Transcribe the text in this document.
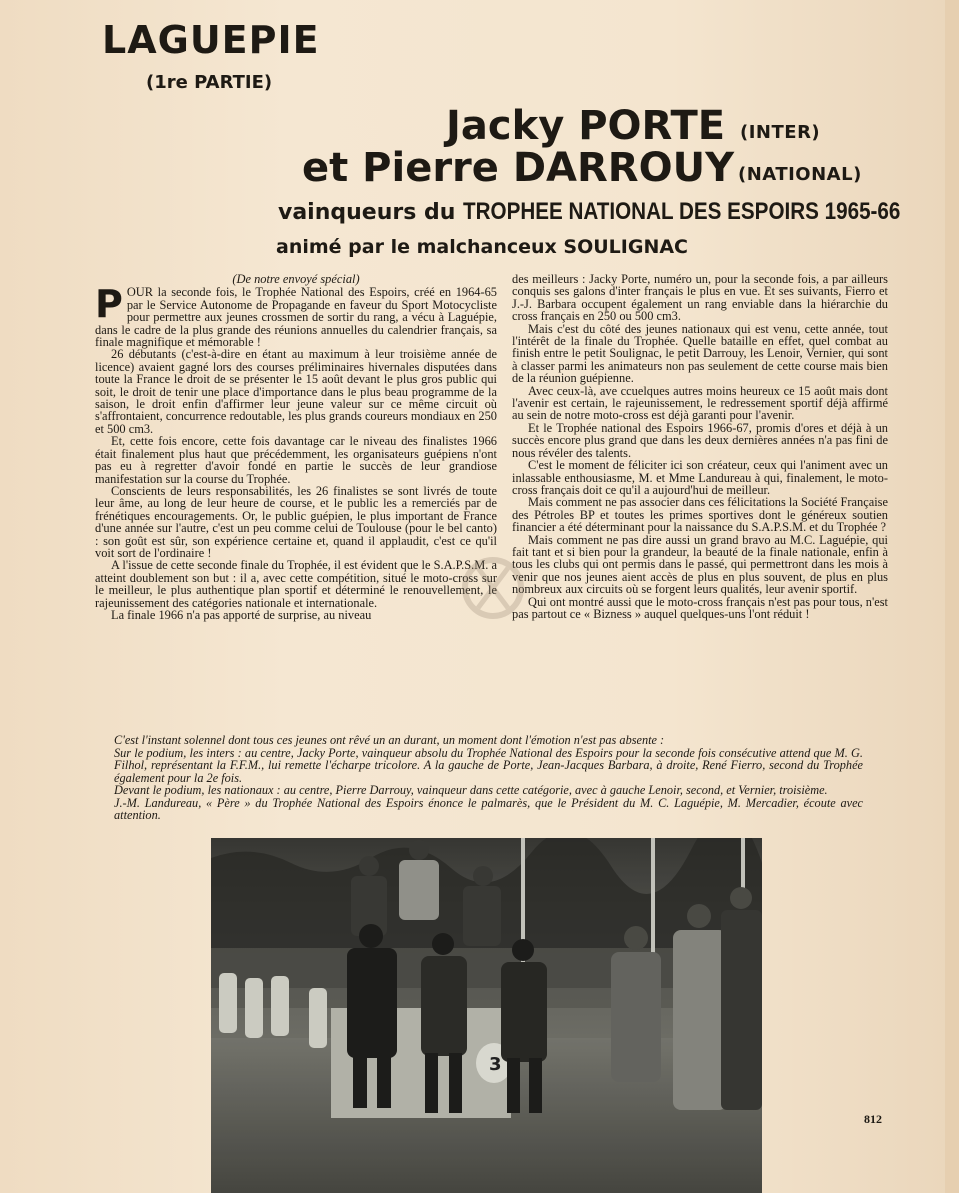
LAGUEPIE
(1re PARTIE)
Jacky PORTE (INTER)
et Pierre DARROUY (NATIONAL)
vainqueurs du TROPHEE NATIONAL DES ESPOIRS 1965-66
animé par le malchanceux SOULIGNAC

(De notre envoyé spécial)

POUR la seconde fois, le Trophée National des Espoirs, créé en 1964-65 par le Service Autonome de Propagande en faveur du Sport Motocycliste pour permettre aux jeunes crossmen de sortir du rang, a vécu à Laguépie, dans le cadre de la plus grande des réunions annuelles du calendrier français, sa finale magnifique et mémorable !

26 débutants (c'est-à-dire en étant au maximum à leur troisième année de licence) avaient gagné lors des courses préliminaires hivernales disputées dans toute la France le droit de se présenter le 15 août devant le plus gros public qui soit, le droit de tenir une place d'importance dans le plus beau programme de la saison, le droit enfin d'affirmer leur jeune valeur sur ce même circuit où s'affrontaient, concurrence redoutable, les plus grands coureurs mondiaux en 250 et 500 cm3.

Et, cette fois encore, cette fois davantage car le niveau des finalistes 1966 était finalement plus haut que précédemment, les organisateurs guépiens n'ont pas eu à regretter d'avoir fondé en partie le succès de leur grandiose manifestation sur la course du Trophée.

Conscients de leurs responsabilités, les 26 finalistes se sont livrés de toute leur âme, au long de leur heure de course, et le public les a remerciés par de frénétiques encouragements. Or, le public guépien, le plus important de France d'une année sur l'autre, c'est un peu comme celui de Toulouse (pour le bel canto) : son goût est sûr, son expérience certaine et, quand il applaudit, c'est ce qu'il voit sort de l'ordinaire !

A l'issue de cette seconde finale du Trophée, il est évident que le S.A.P.S.M. a atteint doublement son but : il a, avec cette compétition, situé le moto-cross sur le meilleur, le plus authentique plan sportif et déterminé le renouvellement, le rajeunissement des catégories nationale et internationale.

La finale 1966 n'a pas apporté de surprise, au niveau

des meilleurs : Jacky Porte, numéro un, pour la seconde fois, a par ailleurs conquis ses galons d'inter français le plus en vue. Et ses suivants, Fierro et J.-J. Barbara occupent également un rang enviable dans la hiérarchie du cross français en 250 ou 500 cm3.

Mais c'est du côté des jeunes nationaux qui est venu, cette année, tout l'intérêt de la finale du Trophée. Quelle bataille en effet, quel combat au finish entre le petit Soulignac, le petit Darrouy, les Lenoir, Vernier, qui sont à classer parmi les animateurs non pas seulement de cette course mais bien de la réunion guépienne.

Avec ceux-là, ave ccuelques autres moins heureux ce 15 août mais dont l'avenir est certain, le rajeunissement, le redressement sportif déjà affirmé au sein de notre moto-cross est déjà garanti pour l'avenir.

Et le Trophée national des Espoirs 1966-67, promis d'ores et déjà à un succès encore plus grand que dans les deux dernières années n'a pas fini de nous révéler des talents.

C'est le moment de féliciter ici son créateur, ceux qui l'animent avec un inlassable enthousiasme, M. et Mme Landureau à qui, finalement, le moto-cross français doit ce qu'il a aujourd'hui de meilleur.

Mais comment ne pas associer dans ces félicitations la Société Française des Pétroles BP et toutes les primes sportives dont le généreux soutien financier a été déterminant pour la naissance du S.A.P.S.M. et du Trophée ?

Mais comment ne pas dire aussi un grand bravo au M.C. Laguépie, qui fait tant et si bien pour la grandeur, la beauté de la finale nationale, enfin à tous les clubs qui ont permis dans le passé, qui permettront dans les mois à venir que nos jeunes aient accès de plus en plus souvent, de plus en plus nombreux aux circuits où se forgent leurs qualités, leur avenir sportif.

Qui ont montré aussi que le moto-cross français n'est pas pour tous, n'est pas partout ce « Bizness » auquel quelques-uns l'ont réduit !

C'est l'instant solennel dont tous ces jeunes ont rêvé un an durant, un moment dont l'émotion n'est pas absente :
Sur le podium, les inters : au centre, Jacky Porte, vainqueur absolu du Trophée National des Espoirs pour la seconde fois consécutive attend que M. G. Filhol, représentant la F.F.M., lui remette l'écharpe tricolore. A la gauche de Porte, Jean-Jacques Barbara, à droite, René Fierro, second du Trophée également pour la 2e fois.
Devant le podium, les nationaux : au centre, Pierre Darrouy, vainqueur dans cette catégorie, avec à gauche Lenoir, second, et Vernier, troisième.
J.-M. Landureau, « Père » du Trophée National des Espoirs énonce le palmarès, que le Président du M. C. Laguépie, M. Mercadier, écoute avec attention.
3
812
